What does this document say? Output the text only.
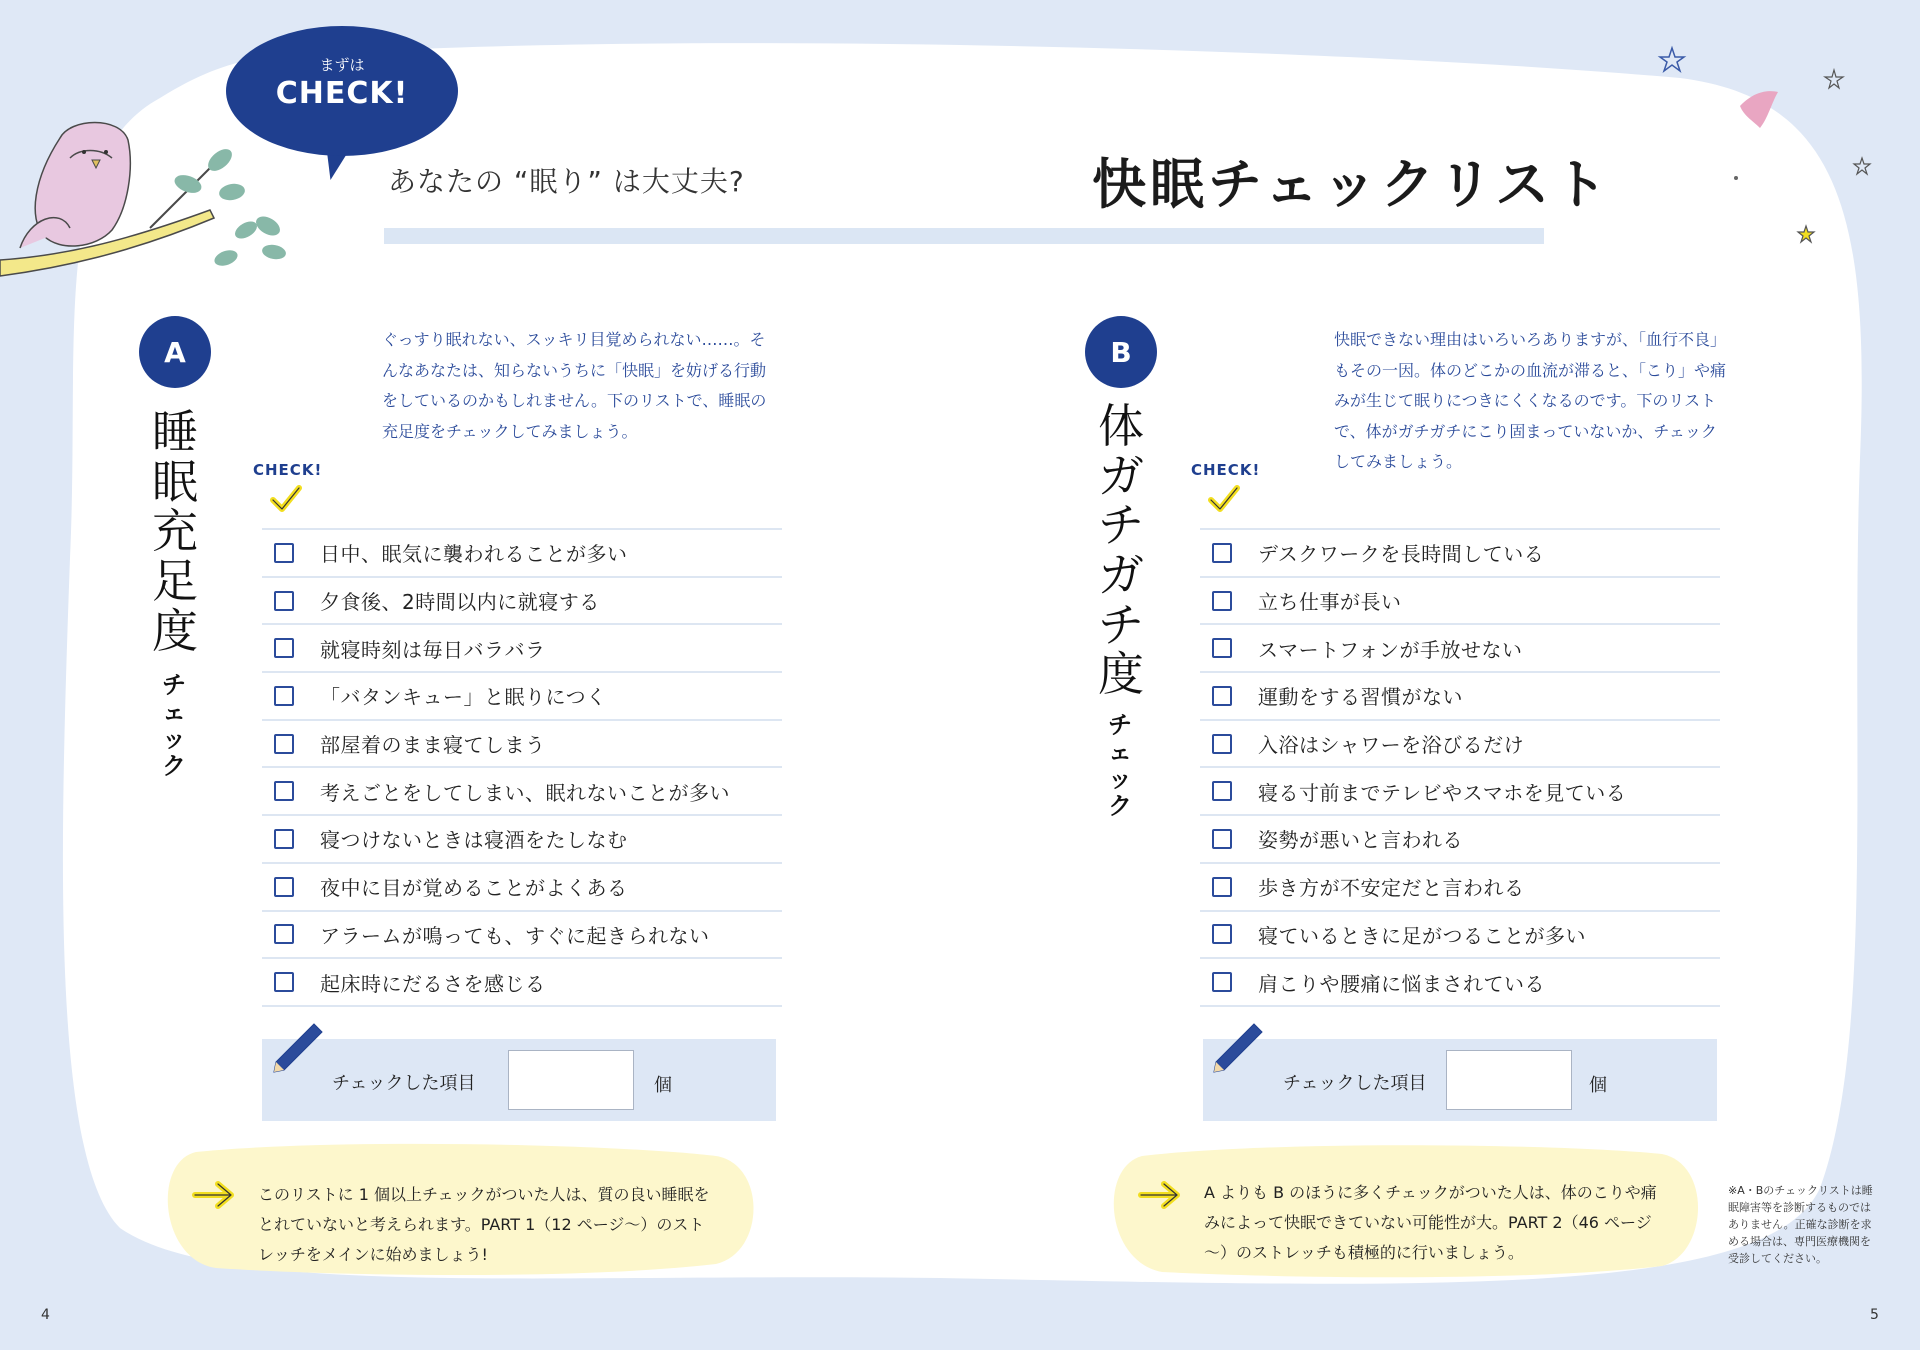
まずは
CHECK!
あなたの “眠り” は大丈夫?	快眠チェックリスト
A
睡
眠
充
足
度
チ
ェ
ッ
ク
ぐっすり眠れない、スッキリ目覚められない……。そんなあなたは、知らないうちに「快眠」を妨げる行動をしているのかもしれません。下のリストで、睡眠の充足度をチェックしてみましょう。
CHECK!
日中、眠気に襲われることが多い
夕食後、2時間以内に就寝する
就寝時刻は毎日バラバラ
「バタンキュー」と眠りにつく
部屋着のまま寝てしまう
考えごとをしてしまい、眠れないことが多い
寝つけないときは寝酒をたしなむ
夜中に目が覚めることがよくある
アラームが鳴っても、すぐに起きられない
起床時にだるさを感じる
チェックした項目	個
このリストに 1 個以上チェックがついた人は、質の良い睡眠をとれていないと考えられます。PART 1（12 ページ～）のストレッチをメインに始めましょう!
B
体
ガ
チ
ガ
チ
度
チ
ェ
ッ
ク
快眠できない理由はいろいろありますが、「血行不良」もその一因。体のどこかの血流が滞ると、「こり」や痛みが生じて眠りにつきにくくなるのです。下のリストで、体がガチガチにこり固まっていないか、チェックしてみましょう。
CHECK!
デスクワークを長時間している
立ち仕事が長い
スマートフォンが手放せない
運動をする習慣がない
入浴はシャワーを浴びるだけ
寝る寸前までテレビやスマホを見ている
姿勢が悪いと言われる
歩き方が不安定だと言われる
寝ているときに足がつることが多い
肩こりや腰痛に悩まされている
チェックした項目	個
A よりも B のほうに多くチェックがついた人は、体のこりや痛みによって快眠できていない可能性が大。PART 2（46 ページ～）のストレッチも積極的に行いましょう。
※A・Bのチェックリストは睡眠障害等を診断するものではありません。正確な診断を求める場合は、専門医療機関を受診してください。
4	5
